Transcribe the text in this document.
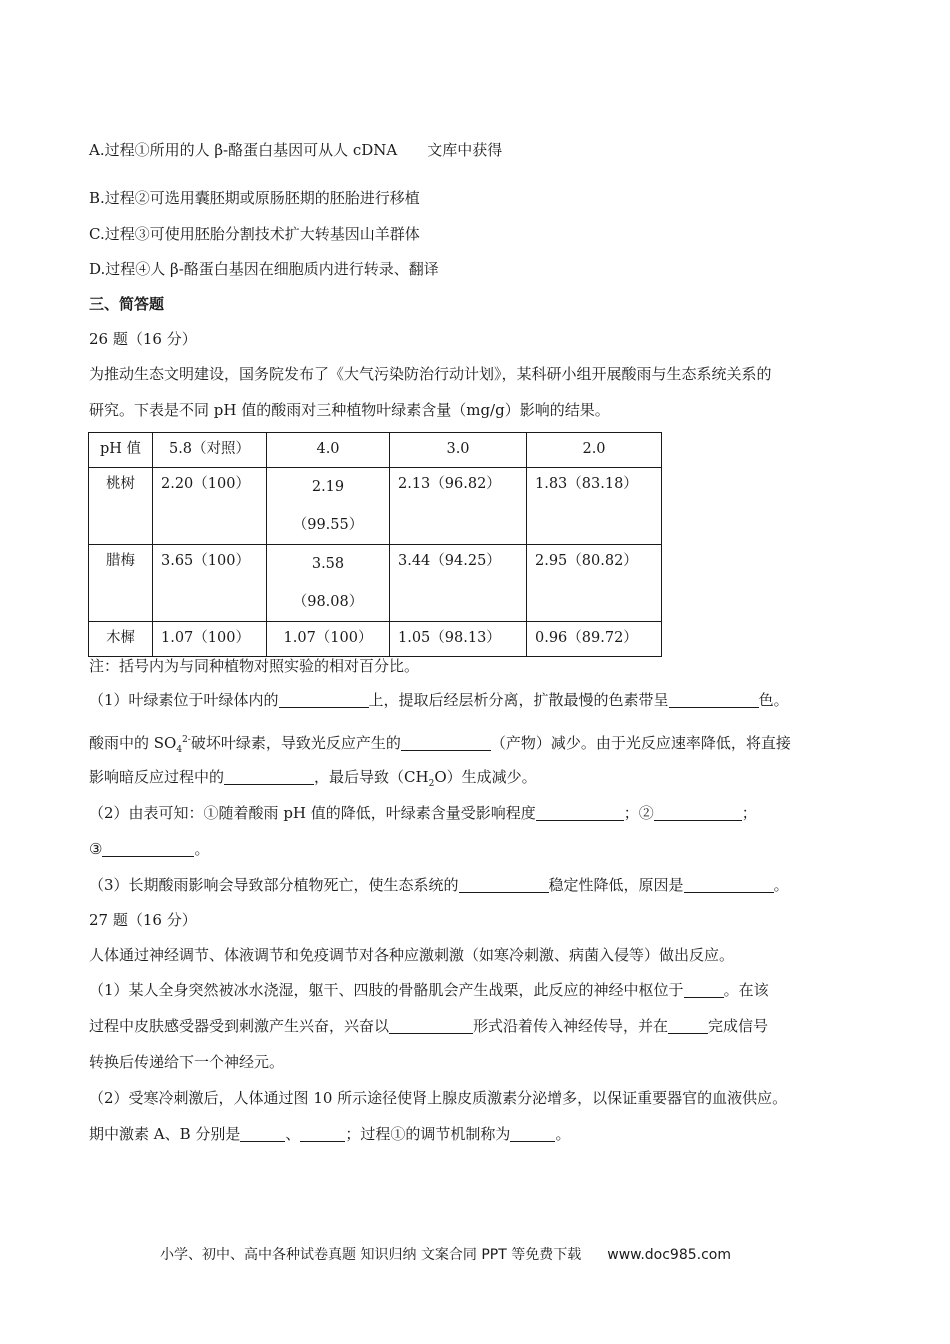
A.过程①所用的人 β-酪蛋白基因可从人 cDNA　　文库中获得
B.过程②可选用囊胚期或原肠胚期的胚胎进行移植
C.过程③可使用胚胎分割技术扩大转基因山羊群体
D.过程④人 β-酪蛋白基因在细胞质内进行转录、翻译
三、简答题
26 题（16 分）
为推动生态文明建设，国务院发布了《大气污染防治行动计划》，某科研小组开展酸雨与生态系统关系的
研究。下表是不同 pH 值的酸雨对三种植物叶绿素含量（mg/g）影响的结果。
pH 值	5.8（对照）	4.0	3.0	2.0
桃树	2.20（100）	2.19
（99.55）	2.13（96.82）	1.83（83.18）
腊梅	3.65（100）	3.58
（98.08）	3.44（94.25）	2.95（80.82）
木樨	1.07（100）	1.07（100）	1.05（98.13）	0.96（89.72）
注：括号内为与同种植物对照实验的相对百分比。
（1）叶绿素位于叶绿体内的	上，提取后经层析分离，扩散最慢的色素带呈	色。
酸雨中的 $SO_4^{2-}$破坏叶绿素，导致光反应产生的	（产物）减少。由于光反应速率降低，将直接
影响暗反应过程中的	，最后导致$(CH_2O)$生成减少。
（2）由表可知：①随着酸雨 pH 值的降低，叶绿素含量受影响程度	；②	；
③	。
（3）长期酸雨影响会导致部分植物死亡，使生态系统的	稳定性降低，原因是	。
27 题（16 分）
人体通过神经调节、体液调节和免疫调节对各种应激刺激（如寒冷刺激、病菌入侵等）做出反应。
（1）某人全身突然被冰水浇湿，躯干、四肢的骨骼肌会产生战栗，此反应的神经中枢位于	。在该
过程中皮肤感受器受到刺激产生兴奋，兴奋以	形式沿着传入神经传导，并在	完成信号
转换后传递给下一个神经元。
（2）受寒冷刺激后，人体通过图 10 所示途径使肾上腺皮质激素分泌增多，以保证重要器官的血液供应。
期中激素 A、B 分别是	、	；过程①的调节机制称为	。
小学、初中、高中各种试卷真题 知识归纳 文案合同 PPT 等免费下载 www.doc985.com
